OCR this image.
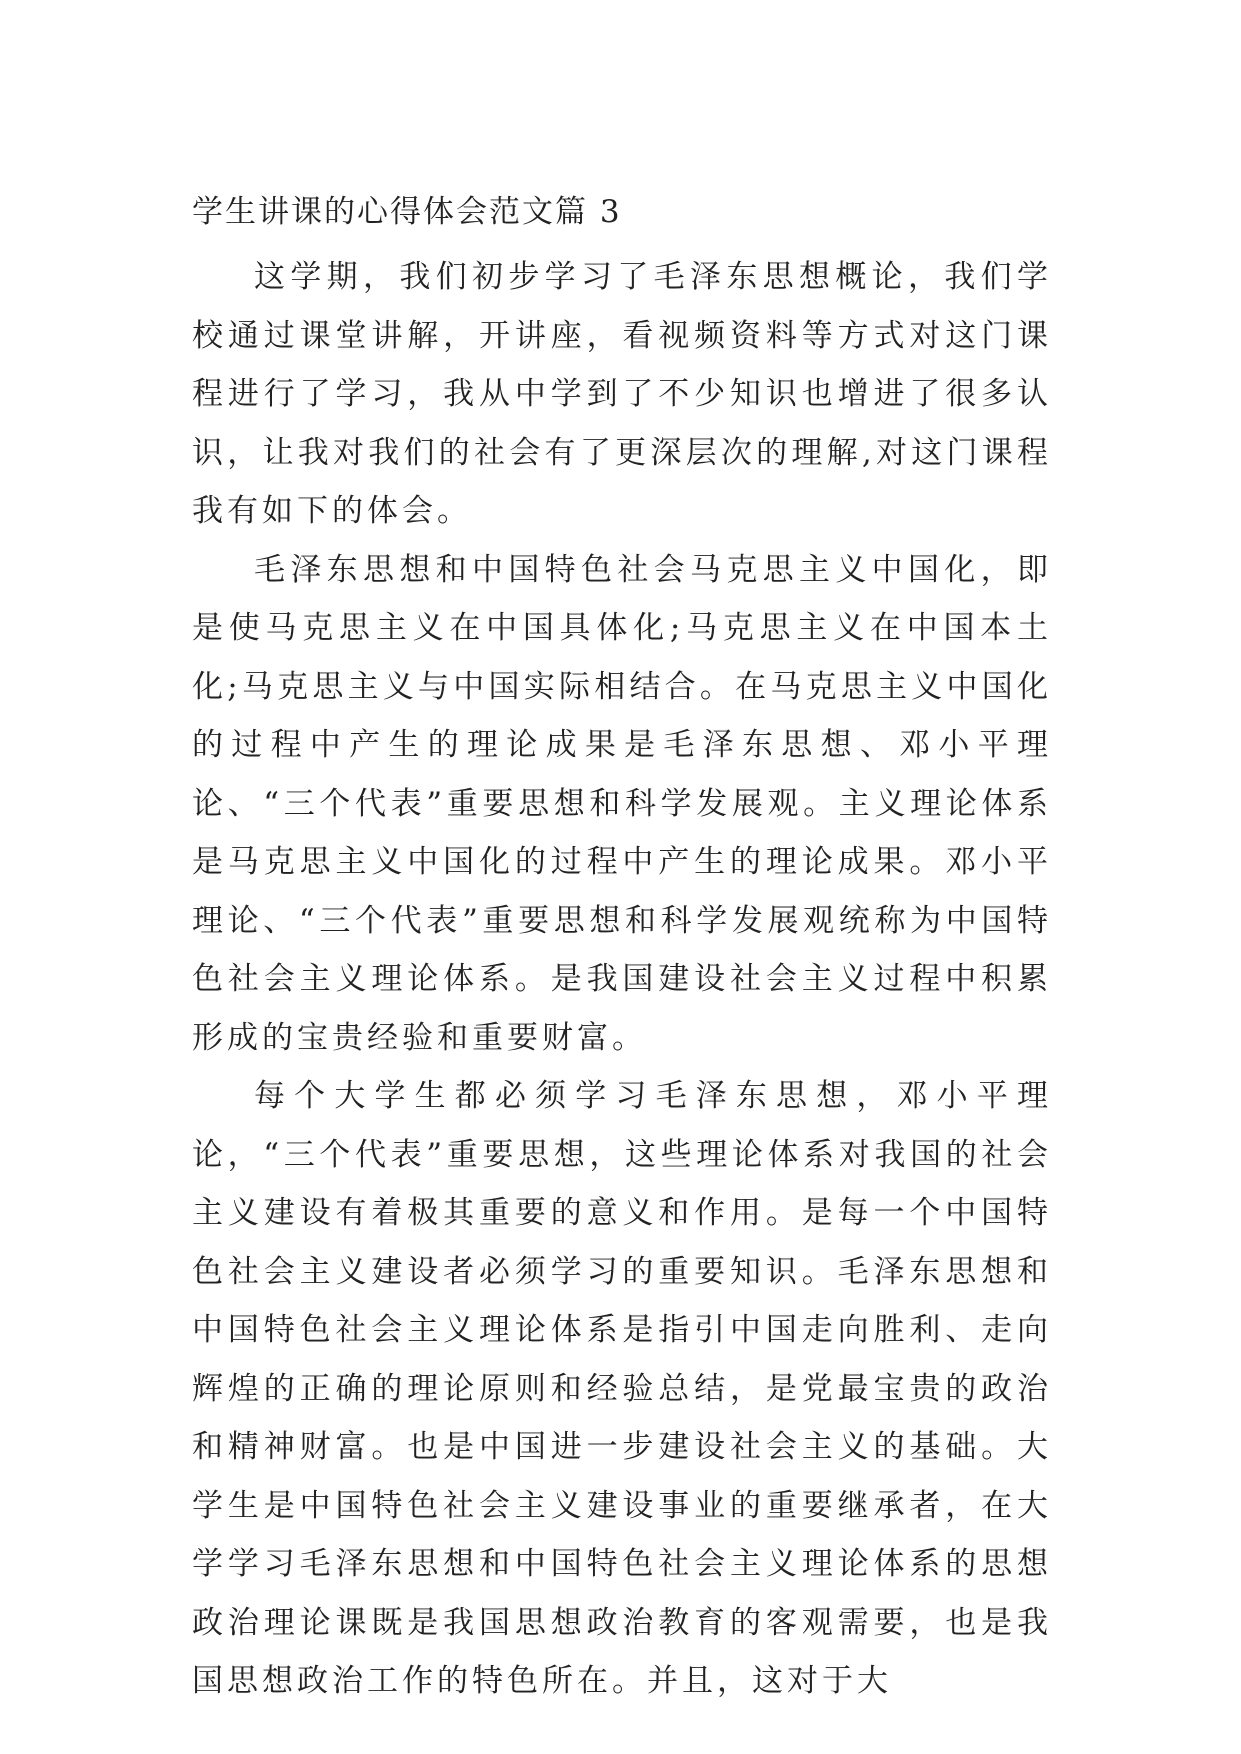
学生讲课的心得体会范文篇 3

这学期，我们初步学习了毛泽东思想概论，我们学校通过课堂讲解，开讲座，看视频资料等方式对这门课程进行了学习，我从中学到了不少知识也增进了很多认识，让我对我们的社会有了更深层次的理解,对这门课程我有如下的体会。

毛泽东思想和中国特色社会马克思主义中国化，即是使马克思主义在中国具体化;马克思主义在中国本土化;马克思主义与中国实际相结合。在马克思主义中国化的过程中产生的理论成果是毛泽东思想、邓小平理论、“三个代表”重要思想和科学发展观。主义理论体系是马克思主义中国化的过程中产生的理论成果。邓小平理论、“三个代表”重要思想和科学发展观统称为中国特色社会主义理论体系。是我国建设社会主义过程中积累形成的宝贵经验和重要财富。

每个大学生都必须学习毛泽东思想，邓小平理论，“三个代表”重要思想，这些理论体系对我国的社会主义建设有着极其重要的意义和作用。是每一个中国特色社会主义建设者必须学习的重要知识。毛泽东思想和中国特色社会主义理论体系是指引中国走向胜利、走向辉煌的正确的理论原则和经验总结，是党最宝贵的政治和精神财富。也是中国进一步建设社会主义的基础。大学生是中国特色社会主义建设事业的重要继承者，在大学学习毛泽东思想和中国特色社会主义理论体系的思想政治理论课既是我国思想政治教育的客观需要，也是我国思想政治工作的特色所在。并且，这对于大
